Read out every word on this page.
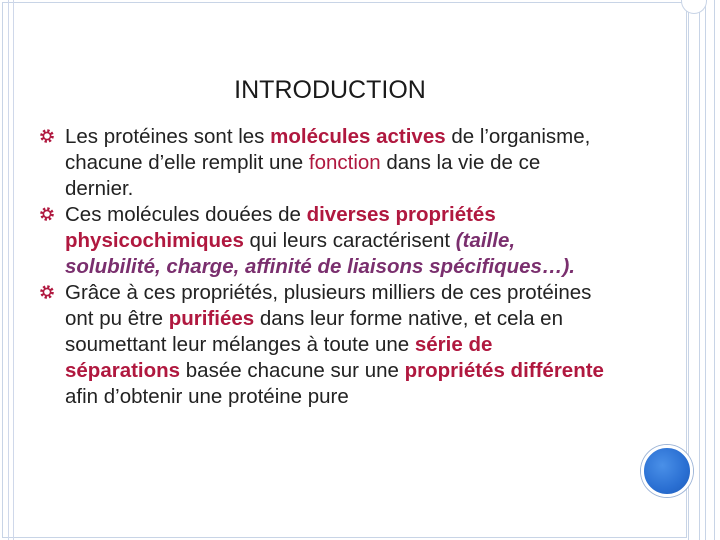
INTRODUCTION

Les protéines sont les molécules actives de l’organisme, chacune d’elle remplit une fonction dans la vie de ce dernier.

Ces molécules douées de diverses propriétés physicochimiques qui leurs caractérisent (taille, solubilité, charge, affinité de liaisons spécifiques…).

Grâce à ces propriétés, plusieurs milliers de ces protéines ont pu être purifiées dans leur forme native, et cela en soumettant leur mélanges à toute une série de séparations basée chacune sur une propriétés différente afin d’obtenir une protéine pure
